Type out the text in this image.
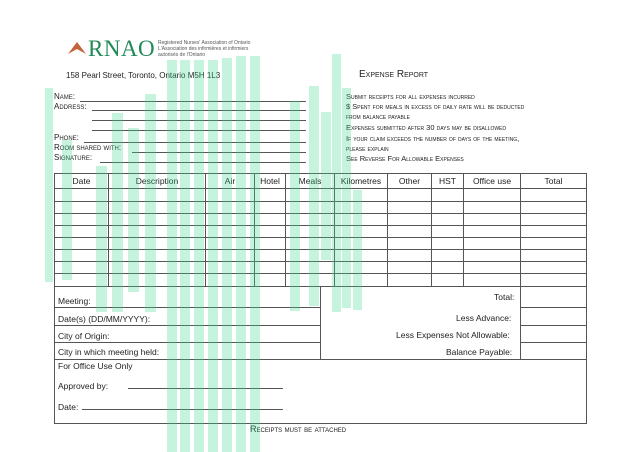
RNAO Registered Nurses' Association of Ontario
L'Association des infirmières et infirmiers
autorisés de l'Ontario
158 Pearl Street, Toronto, Ontario M5H 1L3	Expense Report
Name:
Address:
Phone:
Room shared with:
Signature:
Submit receipts for all expenses incurred
$ Spent for meals in excess of daily rate will be deducted
from balance payable
Expenses submitted after 30 days may be disallowed
If your claim exceeds the number of days of the meeting,
please explain
See Reverse For Allowable Expenses
Date	Description	Air	Hotel	Meals	Kilometres	Other	HST	Office use	Total
Meeting:
Date(s) (DD/MM/YYYY):
City of Origin:
City in which meeting held:
Total:
Less Advance:
Less Expenses Not Allowable:
Balance Payable:
For Office Use Only
Approved by:
Date:
Receipts must be attached
